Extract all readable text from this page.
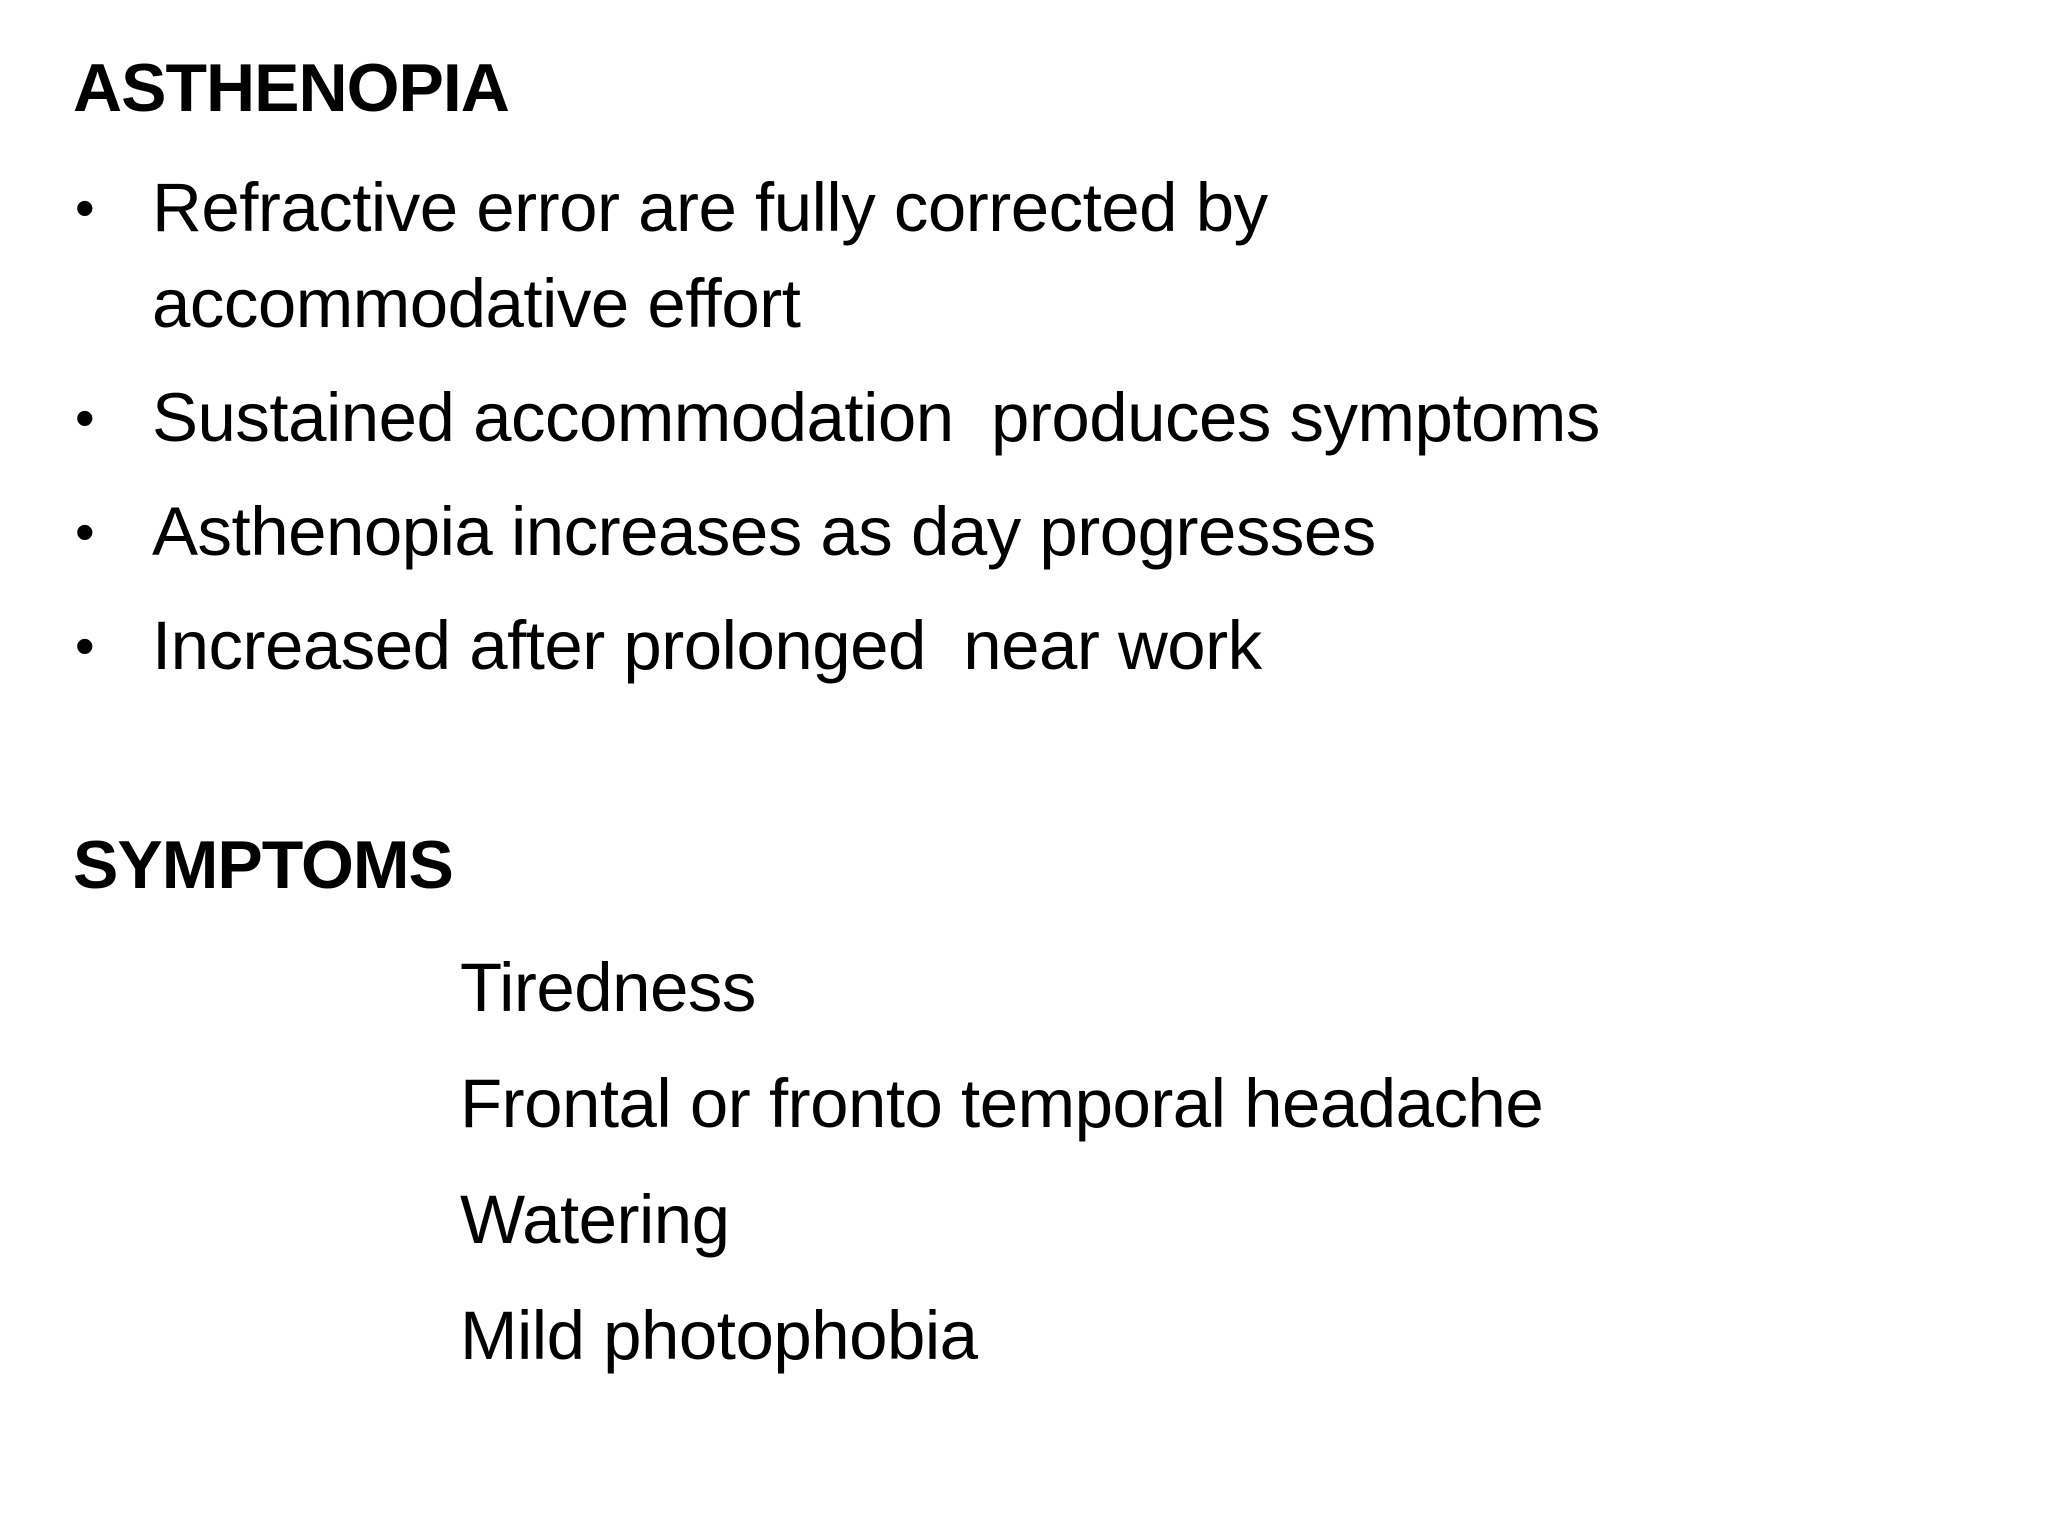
ASTHENOPIA
• Refractive error are fully corrected by accommodative effort
• Sustained accommodation  produces symptoms
• Asthenopia increases as day progresses
• Increased after prolonged  near work
SYMPTOMS
Tiredness
Frontal or fronto temporal headache
Watering
Mild photophobia
